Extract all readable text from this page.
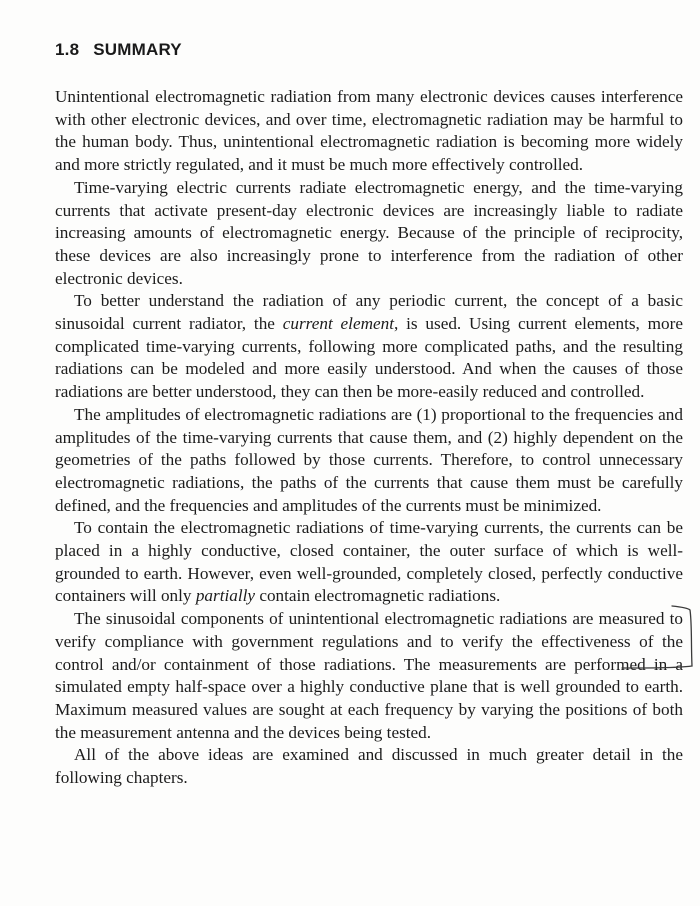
1.8 SUMMARY

Unintentional electromagnetic radiation from many electronic devices causes interference with other electronic devices, and over time, electromagnetic radiation may be harmful to the human body. Thus, unintentional electromagnetic radiation is becoming more widely and more strictly regulated, and it must be much more effectively controlled.

Time-varying electric currents radiate electromagnetic energy, and the time-varying currents that activate present-day electronic devices are increasingly liable to radiate increasing amounts of electromagnetic energy. Because of the principle of reciprocity, these devices are also increasingly prone to interference from the radiation of other electronic devices.

To better understand the radiation of any periodic current, the concept of a basic sinusoidal current radiator, the current element, is used. Using current elements, more complicated time-varying currents, following more complicated paths, and the resulting radiations can be modeled and more easily understood. And when the causes of those radiations are better understood, they can then be more-easily reduced and controlled.

The amplitudes of electromagnetic radiations are (1) proportional to the frequencies and amplitudes of the time-varying currents that cause them, and (2) highly dependent on the geometries of the paths followed by those currents. Therefore, to control unnecessary electromagnetic radiations, the paths of the currents that cause them must be carefully defined, and the frequencies and amplitudes of the currents must be minimized.

To contain the electromagnetic radiations of time-varying currents, the currents can be placed in a highly conductive, closed container, the outer surface of which is well-grounded to earth. However, even well-grounded, completely closed, perfectly conductive containers will only partially contain electromagnetic radiations.

The sinusoidal components of unintentional electromagnetic radiations are measured to verify compliance with government regulations and to verify the effectiveness of the control and/or containment of those radiations. The measurements are performed in a simulated empty half-space over a highly conductive plane that is well grounded to earth. Maximum measured values are sought at each frequency by varying the positions of both the measurement antenna and the devices being tested.

All of the above ideas are examined and discussed in much greater detail in the following chapters.
